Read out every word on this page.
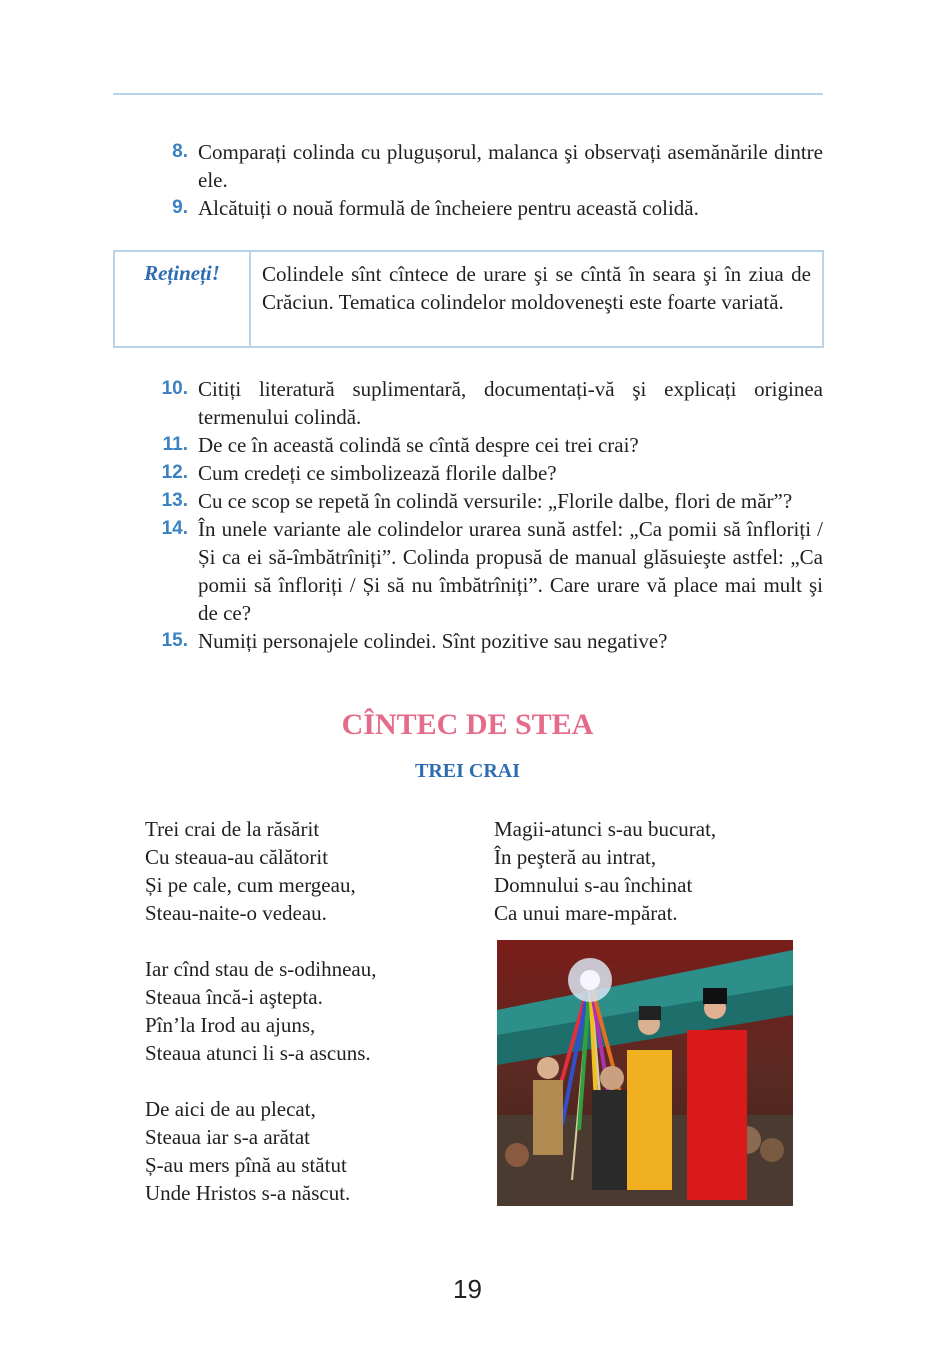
8. Comparați colinda cu plugușorul, malanca şi observați asemănările dintre ele.
9. Alcătuiți o nouă formulă de încheiere pentru această colidă.
Rețineți!	Colindele sînt cîntece de urare şi se cîntă în seara şi în ziua de Crăciun. Tematica colindelor moldoveneşti este foarte variată.
10. Citiți literatură suplimentară, documentați-vă şi explicați originea termenului colindă.
11. De ce în această colindă se cîntă despre cei trei crai?
12. Cum credeți ce simbolizează florile dalbe?
13. Cu ce scop se repetă în colindă versurile: „Florile dalbe, flori de măr”?
14. În unele variante ale colindelor urarea sună astfel: „Ca pomii să înfloriți / Și ca ei să-îmbătrîniți”. Colinda propusă de manual glăsuieşte astfel: „Ca pomii să înfloriți / Și să nu îmbătrîniți”. Care urare vă place mai mult şi de ce?
15. Numiți personajele colindei. Sînt pozitive sau negative?
CÎNTEC DE STEA
TREI CRAI
Trei crai de la răsărit
Cu steaua-au călătorit
Și pe cale, cum mergeau,
Steau-naite-o vedeau.
Iar cînd stau de s-odihneau,
Steaua încă-i aştepta.
Pîn’la Irod au ajuns,
Steaua atunci li s-a ascuns.
De aici de au plecat,
Steaua iar s-a arătat
Ș-au mers pînă au stătut
Unde Hristos s-a născut.
Magii-atunci s-au bucurat,
În peşteră au intrat,
Domnului s-au închinat
Ca unui mare-mpărat.
19
